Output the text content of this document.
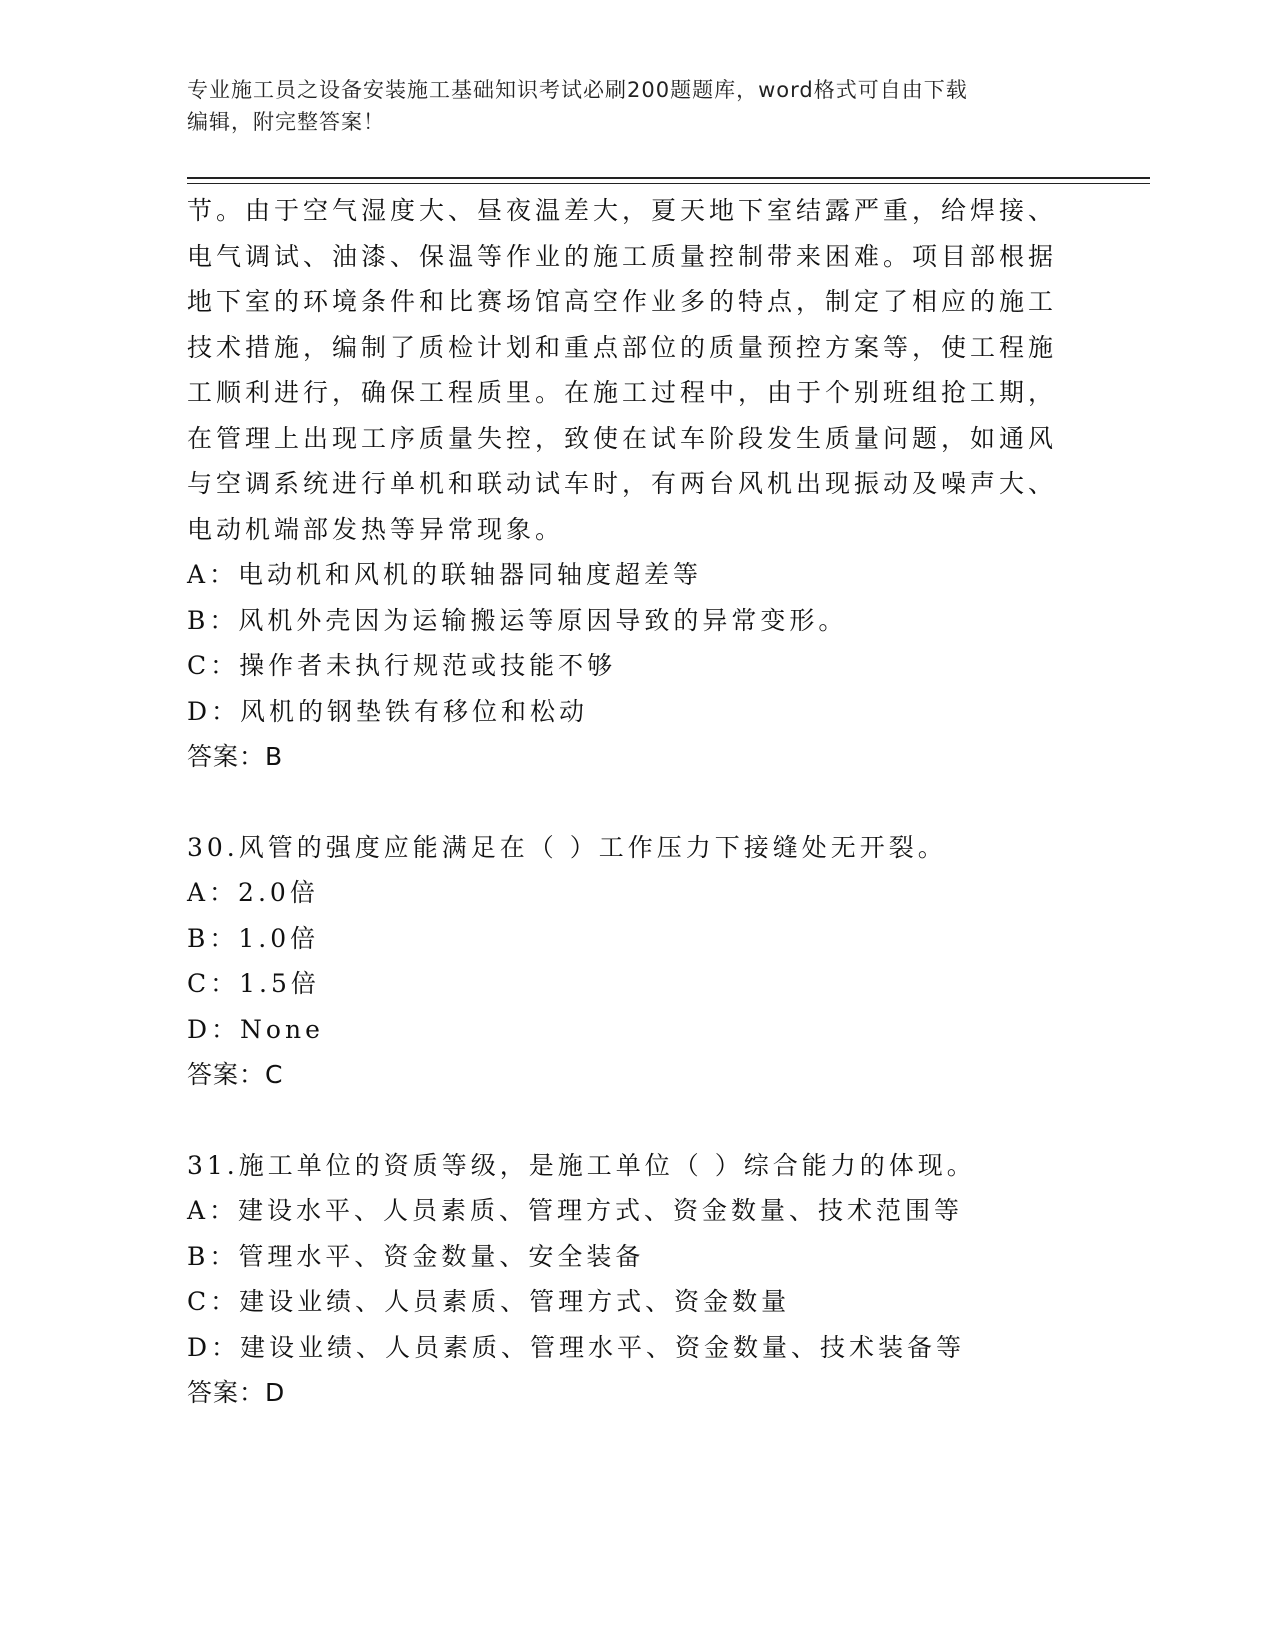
专业施工员之设备安装施工基础知识考试必刷200题题库，word格式可自由下载
编辑，附完整答案！

节。由于空气湿度大、昼夜温差大，夏天地下室结露严重，给焊接、

电气调试、油漆、保温等作业的施工质量控制带来困难。项目部根据

地下室的环境条件和比赛场馆高空作业多的特点，制定了相应的施工

技术措施，编制了质检计划和重点部位的质量预控方案等，使工程施

工顺利进行，确保工程质里。在施工过程中，由于个别班组抢工期，

在管理上出现工序质量失控，致使在试车阶段发生质量问题，如通风

与空调系统进行单机和联动试车时，有两台风机出现振动及噪声大、

电动机端部发热等异常现象。

A：电动机和风机的联轴器同轴度超差等

B：风机外壳因为运输搬运等原因导致的异常变形。

C：操作者未执行规范或技能不够

D：风机的钢垫铁有移位和松动

答案：B

30.风管的强度应能满足在（ ）工作压力下接缝处无开裂。

A：2.0倍

B：1.0倍

C：1.5倍

D：None

答案：C

31.施工单位的资质等级，是施工单位（ ）综合能力的体现。

A：建设水平、人员素质、管理方式、资金数量、技术范围等

B：管理水平、资金数量、安全装备

C：建设业绩、人员素质、管理方式、资金数量

D：建设业绩、人员素质、管理水平、资金数量、技术装备等

答案：D
